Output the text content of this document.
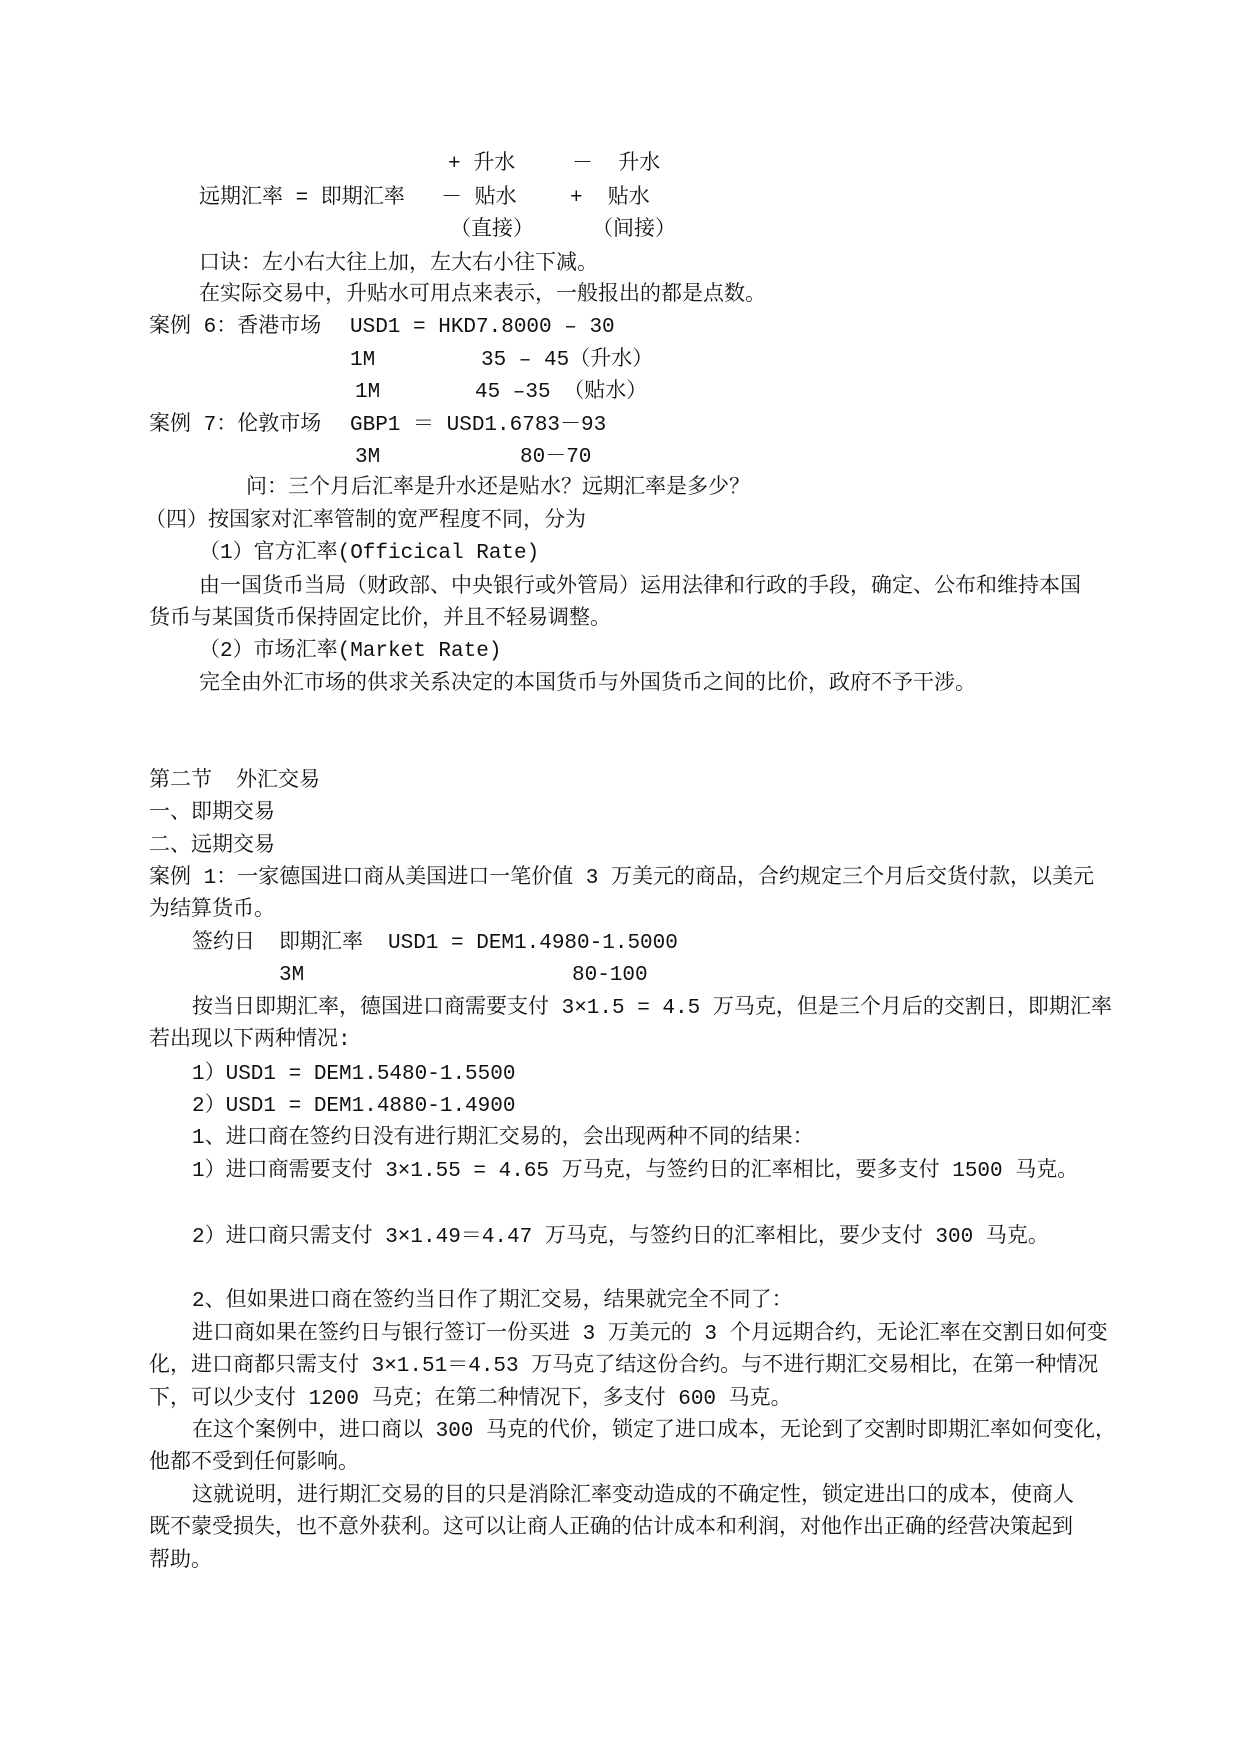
+ 升水	－  升水
远期汇率 = 即期汇率 － 贴水	+  贴水
（直接）	（间接）
口诀：左小右大往上加，左大右小往下减。
在实际交易中，升贴水可用点来表示，一般报出的都是点数。
案例 6：香港市场 USD1 = HKD7.8000 – 30
1M	35 – 45（升水）
1M	45 –35 （贴水）
案例 7：伦敦市场 GBP1 ＝ USD1.6783－93
3M	80－70
问：三个月后汇率是升水还是贴水？远期汇率是多少？
（四）按国家对汇率管制的宽严程度不同，分为
（1）官方汇率(Officical Rate)
由一国货币当局（财政部、中央银行或外管局）运用法律和行政的手段，确定、公布和维持本国
货币与某国货币保持固定比价，并且不轻易调整。
（2）市场汇率(Market Rate)
完全由外汇市场的供求关系决定的本国货币与外国货币之间的比价，政府不予干涉。
第二节 外汇交易
一、即期交易
二、远期交易
案例 1：一家德国进口商从美国进口一笔价值 3 万美元的商品，合约规定三个月后交货付款，以美元
为结算货币。
签约日 即期汇率 USD1 = DEM1.4980-1.5000
3M	80-100
按当日即期汇率，德国进口商需要支付 3×1.5 = 4.5 万马克，但是三个月后的交割日，即期汇率
若出现以下两种情况:
1）USD1 = DEM1.5480-1.5500
2）USD1 = DEM1.4880-1.4900
1、进口商在签约日没有进行期汇交易的，会出现两种不同的结果：
1）进口商需要支付 3×1.55 = 4.65 万马克，与签约日的汇率相比，要多支付 1500 马克。
2）进口商只需支付 3×1.49＝4.47 万马克，与签约日的汇率相比，要少支付 300 马克。
2、但如果进口商在签约当日作了期汇交易，结果就完全不同了：
进口商如果在签约日与银行签订一份买进 3 万美元的 3 个月远期合约，无论汇率在交割日如何变
化，进口商都只需支付 3×1.51＝4.53 万马克了结这份合约。与不进行期汇交易相比，在第一种情况
下，可以少支付 1200 马克；在第二种情况下，多支付 600 马克。
在这个案例中，进口商以 300 马克的代价，锁定了进口成本，无论到了交割时即期汇率如何变化，
他都不受到任何影响。
这就说明，进行期汇交易的目的只是消除汇率变动造成的不确定性，锁定进出口的成本，使商人
既不蒙受损失，也不意外获利。这可以让商人正确的估计成本和利润，对他作出正确的经营决策起到
帮助。
